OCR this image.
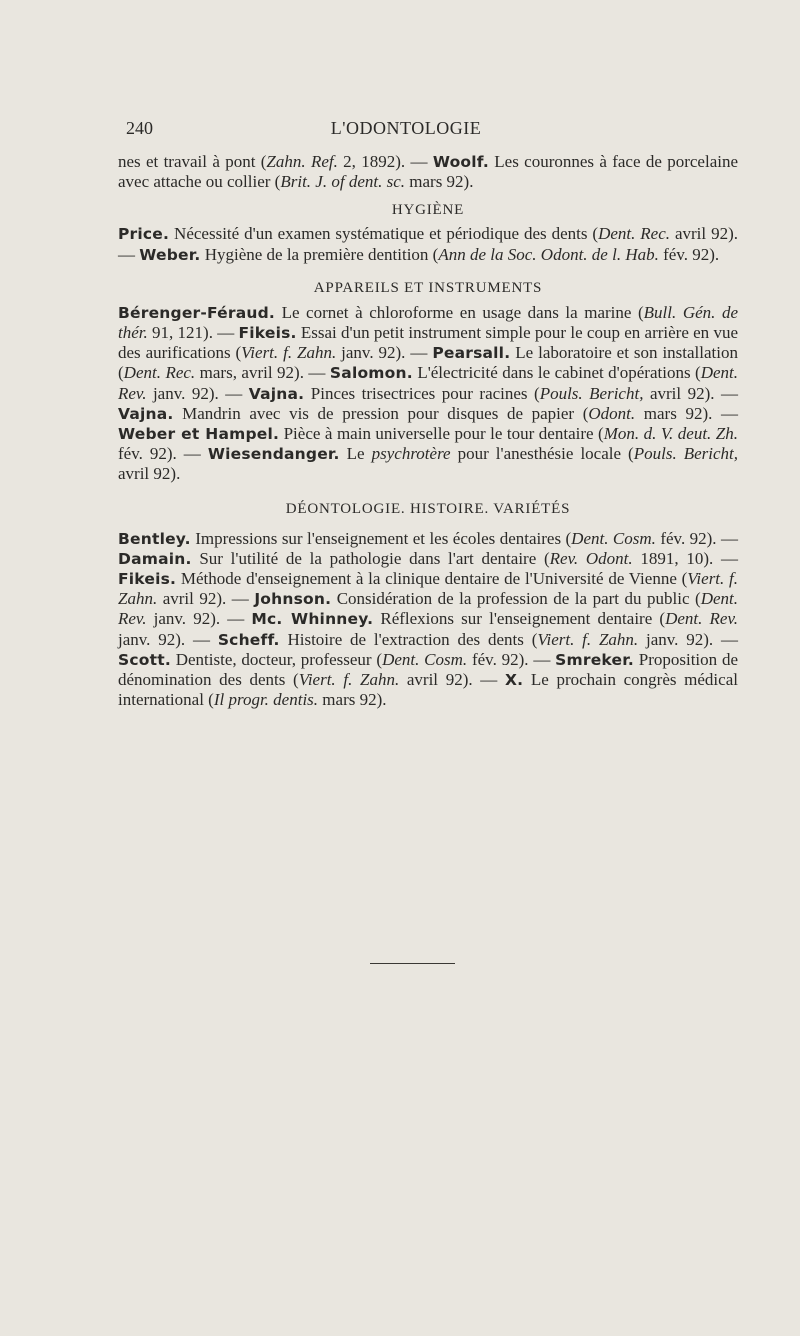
240	L'ODONTOLOGIE

nes et travail à pont (Zahn. Ref. 2, 1892). — Woolf. Les couronnes à face de porcelaine avec attache ou collier (Brit. J. of dent. sc. mars 92).

HYGIÈNE

Price. Nécessité d'un examen systématique et périodique des dents (Dent. Rec. avril 92). — Weber. Hygiène de la première dentition (Ann de la Soc. Odont. de l. Hab. fév. 92).

APPAREILS ET INSTRUMENTS

Bérenger-Féraud. Le cornet à chloroforme en usage dans la marine (Bull. Gén. de thér. 91, 121). — Fikeis. Essai d'un petit instrument simple pour le coup en arrière en vue des aurifications (Viert. f. Zahn. janv. 92). — Pearsall. Le laboratoire et son installation (Dent. Rec. mars, avril 92). — Salomon. L'électricité dans le cabinet d'opérations (Dent. Rev. janv. 92). — Vajna. Pinces trisectrices pour racines (Pouls. Bericht, avril 92). — Vajna. Mandrin avec vis de pression pour disques de papier (Odont. mars 92). — Weber et Hampel. Pièce à main universelle pour le tour dentaire (Mon. d. V. deut. Zh. fév. 92). — Wiesendanger. Le psychrotère pour l'anesthésie locale (Pouls. Bericht, avril 92).

DÉONTOLOGIE. HISTOIRE. VARIÉTÉS

Bentley. Impressions sur l'enseignement et les écoles dentaires (Dent. Cosm. fév. 92). — Damain. Sur l'utilité de la pathologie dans l'art dentaire (Rev. Odont. 1891, 10). — Fikeis. Méthode d'enseignement à la clinique dentaire de l'Université de Vienne (Viert. f. Zahn. avril 92). — Johnson. Considération de la profession de la part du public (Dent. Rev. janv. 92). — Mc. Whinney. Réflexions sur l'enseignement dentaire (Dent. Rev. janv. 92). — Scheff. Histoire de l'extraction des dents (Viert. f. Zahn. janv. 92). — Scott. Dentiste, docteur, professeur (Dent. Cosm. fév. 92). — Smreker. Proposition de dénomination des dents (Viert. f. Zahn. avril 92). — X. Le prochain congrès médical international (Il progr. dentis. mars 92).
